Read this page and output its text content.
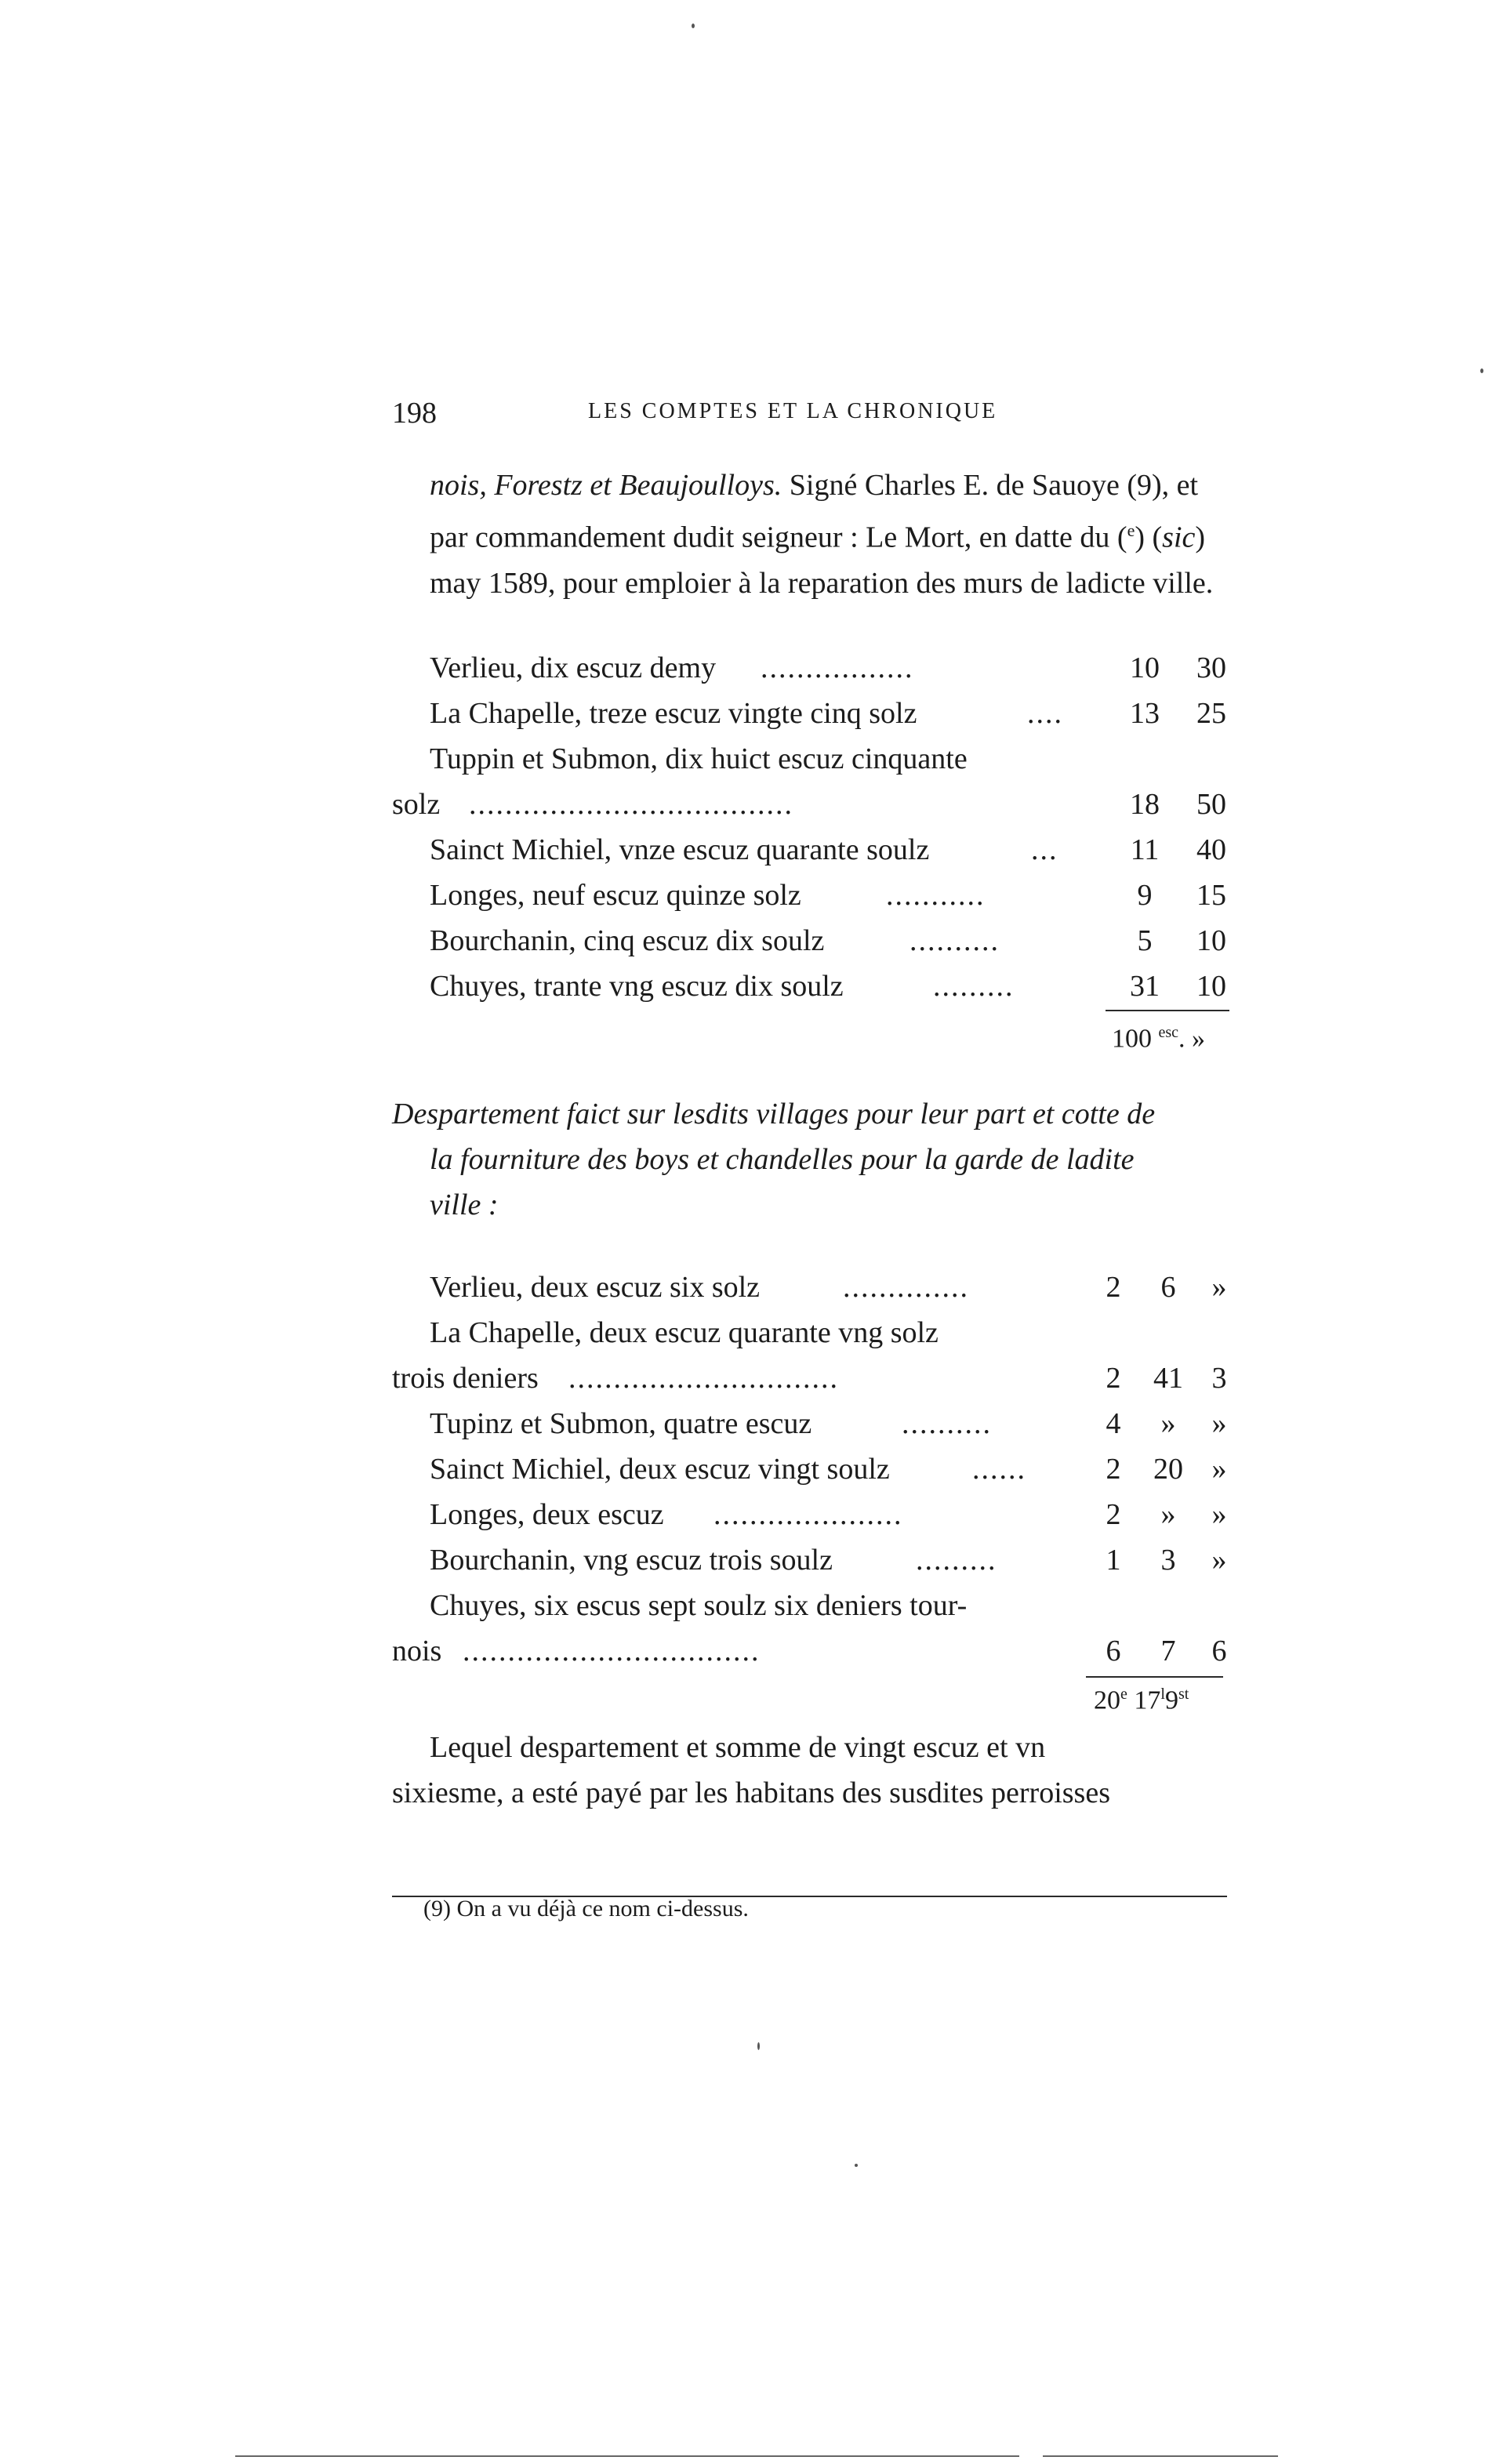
198	LES COMPTES ET LA CHRONIQUE
nois, Forestz et Beaujoulloys. Signé Charles E. de Sauoye (9), et par commandement dudit seigneur : Le Mort, en datte du ($^e$) (sic) may 1589, pour emploier à la reparation des murs de ladicte ville.
Verlieu, dix escuz demy .................	10	30
La Chapelle, treze escuz vingte cinq solz	....	13	25
Tuppin et Submon, dix huict escuz cinquante
solz ....................................	18	50
Sainct Michiel, vnze escuz quarante soulz	...	11	40
Longes, neuf escuz quinze solz	...........	9	15
Bourchanin, cinq escuz dix soulz	..........	5	10
Chuyes, trante vng escuz dix soulz	.........	31	10
100 $^{esc}$. »
Despartement faict sur lesdits villages pour leur part et cotte de
la fourniture des boys et chandelles pour la garde de ladite
ville :
Verlieu, deux escuz six solz	..............	2	6	»
La Chapelle, deux escuz quarante vng solz
trois deniers ..............................	2	41 3
Tupinz et Submon, quatre escuz	..........	4	»	»
Sainct Michiel, deux escuz vingt soulz	......	2	20 »
Longes, deux escuz .....................	2	»	»
Bourchanin, vng escuz trois soulz	.........	1	3	»
Chuyes, six escus sept soulz six deniers tour-
nois .................................	6	7	6
20e 17$^l$9st
Lequel despartement et somme de vingt escuz et vn
sixiesme, a esté payé par les habitans des susdites perroisses
(9) On a vu déjà ce nom ci-dessus.
